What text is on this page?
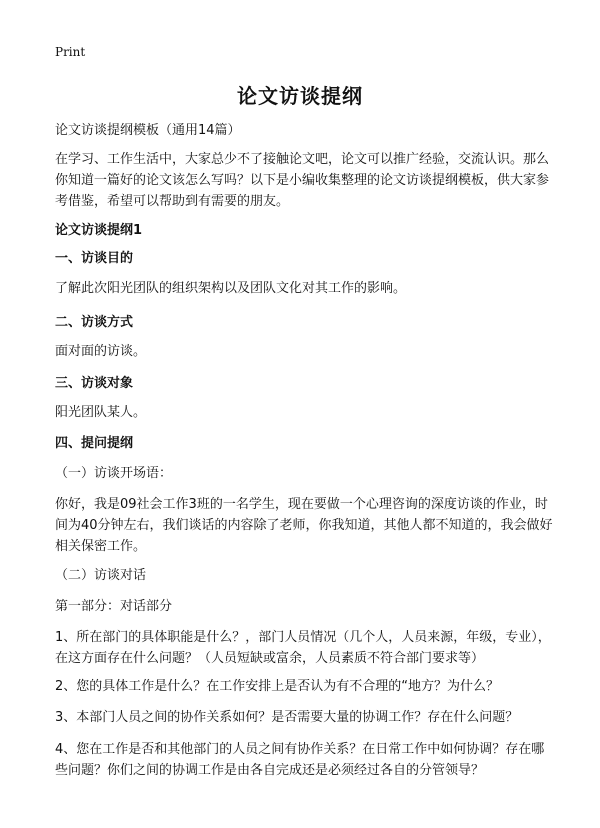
Print
论文访谈提纲

论文访谈提纲模板（通用14篇）

在学习、工作生活中，大家总少不了接触论文吧，论文可以推广经验，交流认识。那么你知道一篇好的论文该怎么写吗？以下是小编收集整理的论文访谈提纲模板，供大家参考借鉴，希望可以帮助到有需要的朋友。

论文访谈提纲1

一、访谈目的

了解此次阳光团队的组织架构以及团队文化对其工作的影响。

二、访谈方式

面对面的访谈。

三、访谈对象

阳光团队某人。

四、提问提纲

（一）访谈开场语：

你好，我是09社会工作3班的一名学生，现在要做一个心理咨询的深度访谈的作业，时间为40分钟左右，我们谈话的内容除了老师，你我知道，其他人都不知道的，我会做好相关保密工作。

（二）访谈对话

第一部分：对话部分

1、所在部门的具体职能是什么？，部门人员情况（几个人，人员来源，年级，专业），在这方面存在什么问题？（人员短缺或富余，人员素质不符合部门要求等）

2、您的具体工作是什么？在工作安排上是否认为有不合理的“地方？为什么？

3、本部门人员之间的协作关系如何？是否需要大量的协调工作？存在什么问题？

4、您在工作是否和其他部门的人员之间有协作关系？在日常工作中如何协调？存在哪些问题？你们之间的协调工作是由各自完成还是必须经过各自的分管领导？
